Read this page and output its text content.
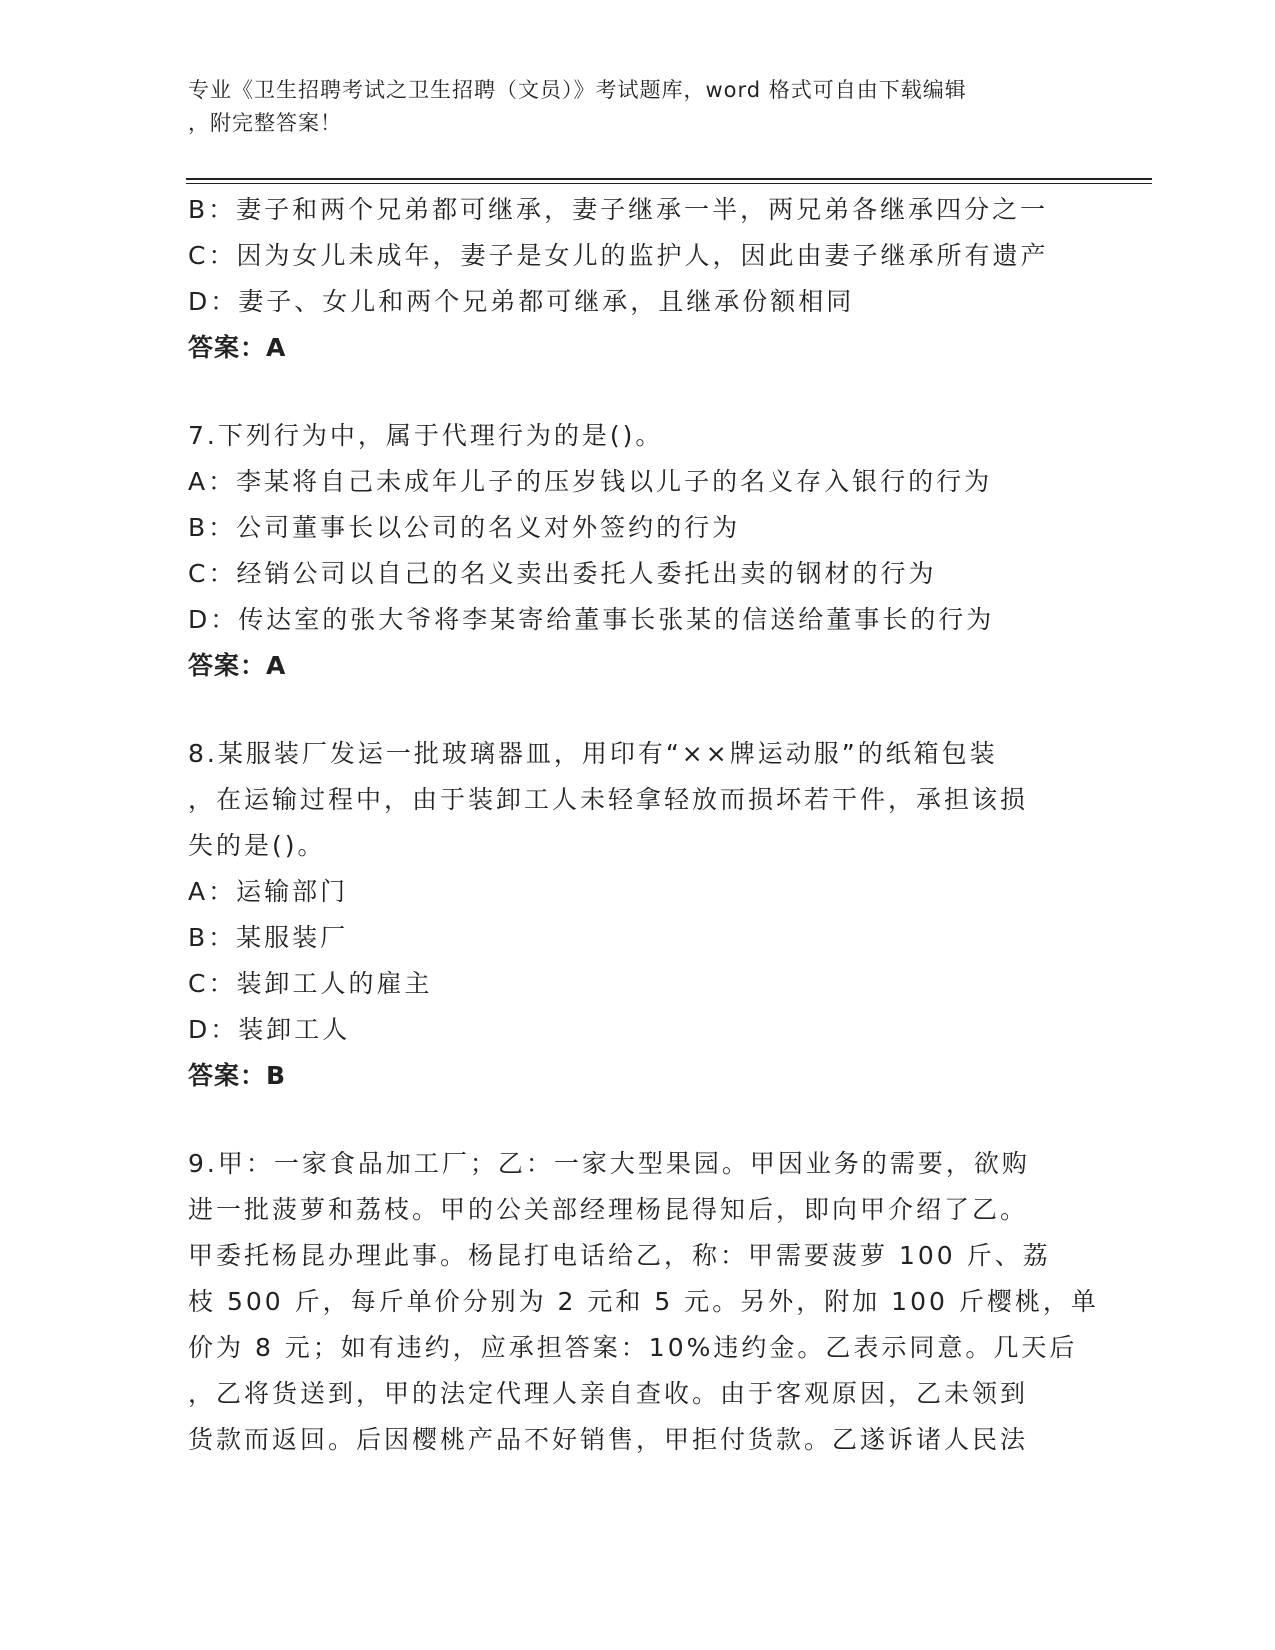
专业《卫生招聘考试之卫生招聘（文员）》考试题库，word 格式可自由下载编辑
，附完整答案！
B：妻子和两个兄弟都可继承，妻子继承一半，两兄弟各继承四分之一
C：因为女儿未成年，妻子是女儿的监护人，因此由妻子继承所有遗产
D：妻子、女儿和两个兄弟都可继承，且继承份额相同
答案：A
7.下列行为中，属于代理行为的是()。
A：李某将自己未成年儿子的压岁钱以儿子的名义存入银行的行为
B：公司董事长以公司的名义对外签约的行为
C：经销公司以自己的名义卖出委托人委托出卖的钢材的行为
D：传达室的张大爷将李某寄给董事长张某的信送给董事长的行为
答案：A
8.某服装厂发运一批玻璃器皿，用印有“××牌运动服”的纸箱包装
，在运输过程中，由于装卸工人未轻拿轻放而损坏若干件，承担该损
失的是()。
A：运输部门
B：某服装厂
C：装卸工人的雇主
D：装卸工人
答案：B
9.甲：一家食品加工厂；乙：一家大型果园。甲因业务的需要，欲购
进一批菠萝和荔枝。甲的公关部经理杨昆得知后，即向甲介绍了乙。
甲委托杨昆办理此事。杨昆打电话给乙，称：甲需要菠萝 100 斤、荔
枝 500 斤，每斤单价分别为 2 元和 5 元。另外，附加 100 斤樱桃，单
价为 8 元；如有违约，应承担答案：10%违约金。乙表示同意。几天后
，乙将货送到，甲的法定代理人亲自查收。由于客观原因，乙未领到
货款而返回。后因樱桃产品不好销售，甲拒付货款。乙遂诉诸人民法
